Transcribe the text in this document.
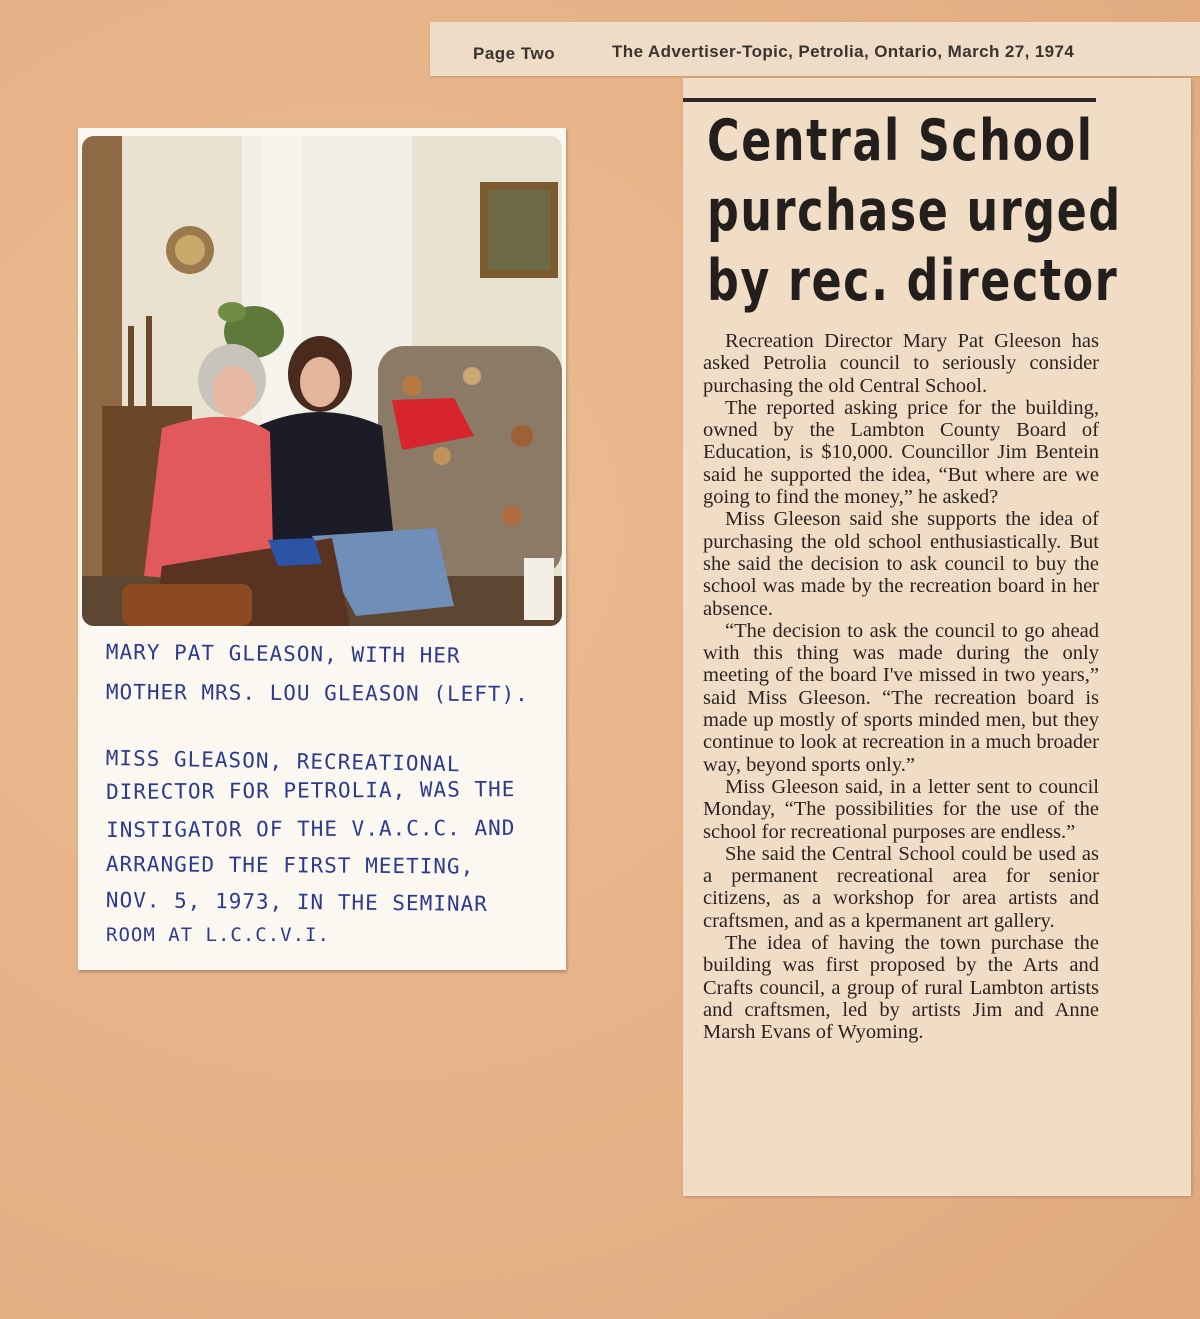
Page Two	The Advertiser-Topic, Petrolia, Ontario, March 27, 1974
Central School
purchase urged
by rec. director

Recreation Director Mary Pat Gleeson has asked Petrolia council to seriously consider purchasing the old Central School.

The reported asking price for the building, owned by the Lambton County Board of Education, is $10,000. Councillor Jim Bentein said he supported the idea, “But where are we going to find the money,” he asked?

Miss Gleeson said she supports the idea of purchasing the old school enthusiastically. But she said the decision to ask council to buy the school was made by the recreation board in her absence.

“The decision to ask the council to go ahead with this thing was made during the only meeting of the board I've missed in two years,” said Miss Gleeson. “The recreation board is made up mostly of sports minded men, but they continue to look at recreation in a much broader way, beyond sports only.”

Miss Gleeson said, in a letter sent to council Monday, “The possibilities for the use of the school for recreational purposes are endless.”

She said the Central School could be used as a permanent recreational area for senior citizens, as a workshop for area artists and craftsmen, and as a kpermanent art gallery.

The idea of having the town purchase the building was first proposed by the Arts and Crafts council, a group of rural Lambton artists and craftsmen, led by artists Jim and Anne Marsh Evans of Wyoming.

MARY PAT GLEASON, WITH HER
MOTHER MRS. LOU GLEASON (LEFT).
MISS GLEASON, RECREATIONAL
DIRECTOR FOR PETROLIA, WAS THE
INSTIGATOR OF THE V.A.C.C. AND
ARRANGED THE FIRST MEETING,
NOV. 5, 1973, IN THE SEMINAR
ROOM AT L.C.C.V.I.
